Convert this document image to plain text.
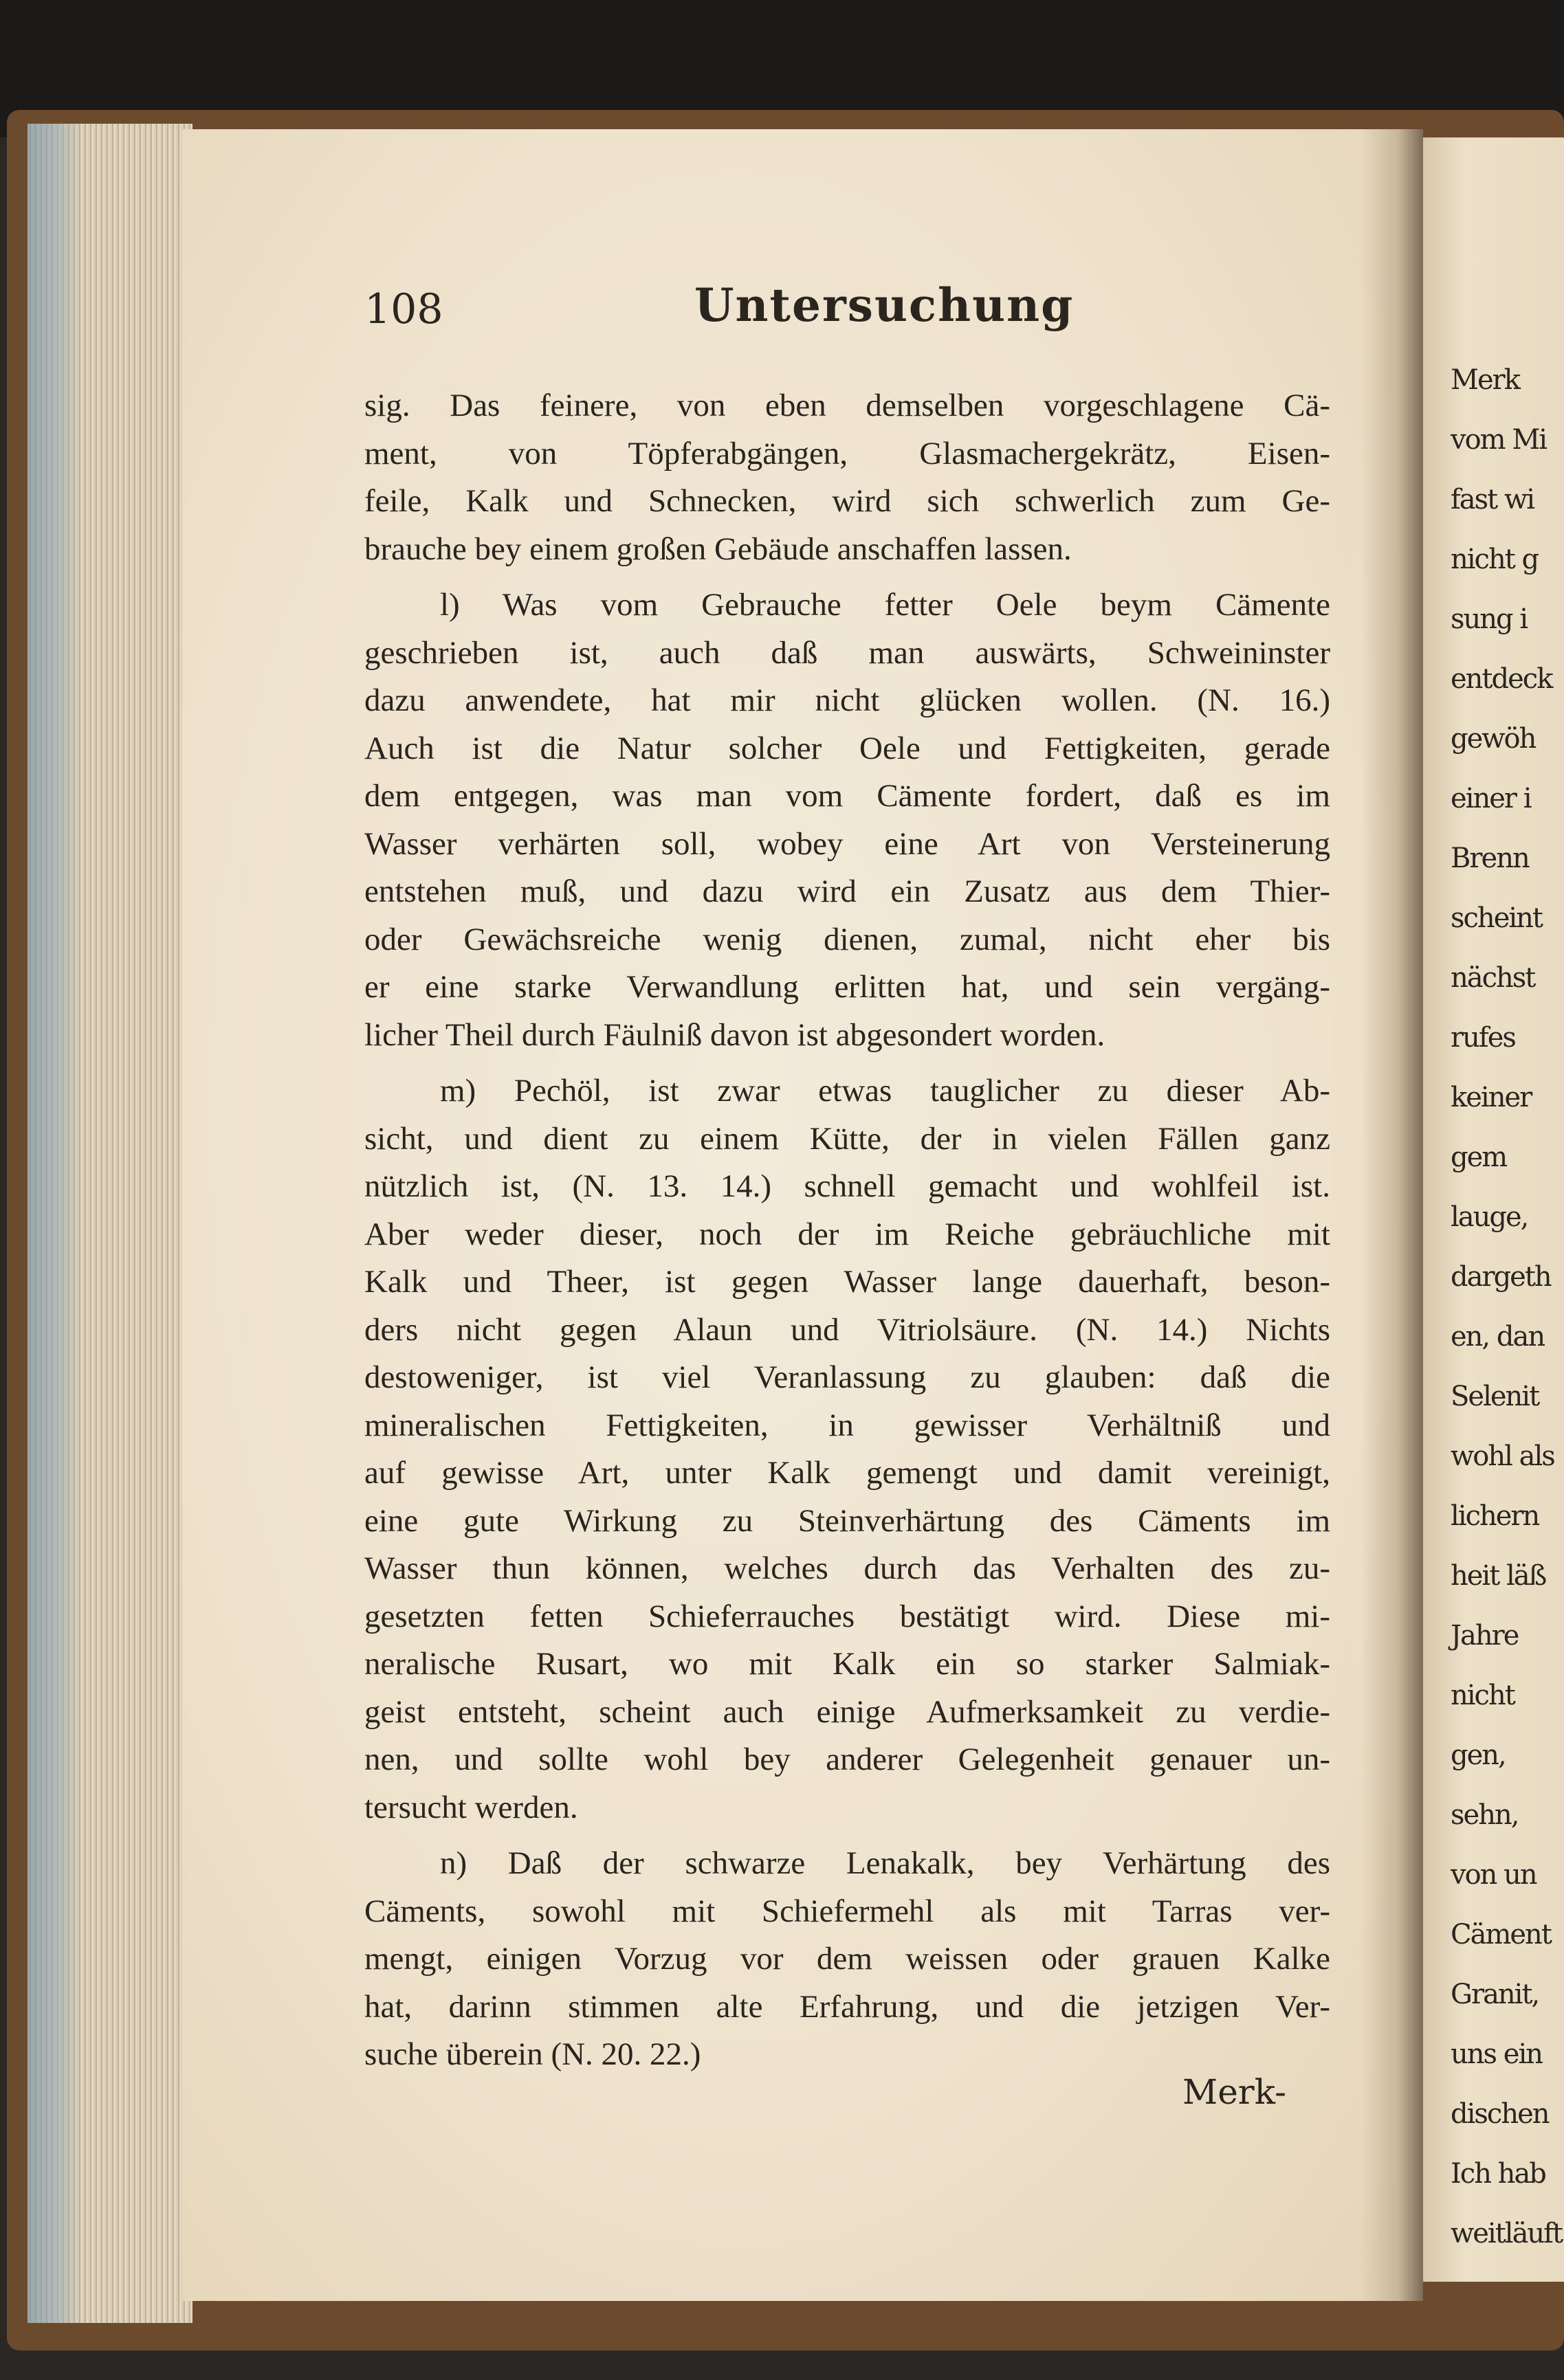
Merk
vom Mi
fast wi
nicht g
sung i
entdeck
gewöh
einer i
Brenn
scheint
nächst
rufes
keiner
gem
lauge,
dargeth
en, dan
Selenit
wohl als
lichern
heit läß
Jahre
nicht
gen,
sehn,
von un
Cäment
Granit,
uns ein
dischen
Ich hab
weitläuft
108	Untersuchung
sig. Das feinere, von eben demselben vorgeschlagene Cä-
ment, von Töpferabgängen, Glasmachergekrätz, Eisen-
feile, Kalk und Schnecken, wird sich schwerlich zum Ge-
brauche bey einem großen Gebäude anschaffen lassen.
l) Was vom Gebrauche fetter Oele beym Cämente
geschrieben ist, auch daß man auswärts, Schweininster
dazu anwendete, hat mir nicht glücken wollen. (N. 16.)
Auch ist die Natur solcher Oele und Fettigkeiten, gerade
dem entgegen, was man vom Cämente fordert, daß es im
Wasser verhärten soll, wobey eine Art von Versteinerung
entstehen muß, und dazu wird ein Zusatz aus dem Thier-
oder Gewächsreiche wenig dienen, zumal, nicht eher bis
er eine starke Verwandlung erlitten hat, und sein vergäng-
licher Theil durch Fäulniß davon ist abgesondert worden.
m) Pechöl, ist zwar etwas tauglicher zu dieser Ab-
sicht, und dient zu einem Kütte, der in vielen Fällen ganz
nützlich ist, (N. 13. 14.) schnell gemacht und wohlfeil ist.
Aber weder dieser, noch der im Reiche gebräuchliche mit
Kalk und Theer, ist gegen Wasser lange dauerhaft, beson-
ders nicht gegen Alaun und Vitriolsäure. (N. 14.) Nichts
destoweniger, ist viel Veranlassung zu glauben: daß die
mineralischen Fettigkeiten, in gewisser Verhältniß und
auf gewisse Art, unter Kalk gemengt und damit vereinigt,
eine gute Wirkung zu Steinverhärtung des Cäments im
Wasser thun können, welches durch das Verhalten des zu-
gesetzten fetten Schieferrauches bestätigt wird. Diese mi-
neralische Rusart, wo mit Kalk ein so starker Salmiak-
geist entsteht, scheint auch einige Aufmerksamkeit zu verdie-
nen, und sollte wohl bey anderer Gelegenheit genauer un-
tersucht werden.
n) Daß der schwarze Lenakalk, bey Verhärtung des
Cäments, sowohl mit Schiefermehl als mit Tarras ver-
mengt, einigen Vorzug vor dem weissen oder grauen Kalke
hat, darinn stimmen alte Erfahrung, und die jetzigen Ver-
suche überein (N. 20. 22.)
Merk-
